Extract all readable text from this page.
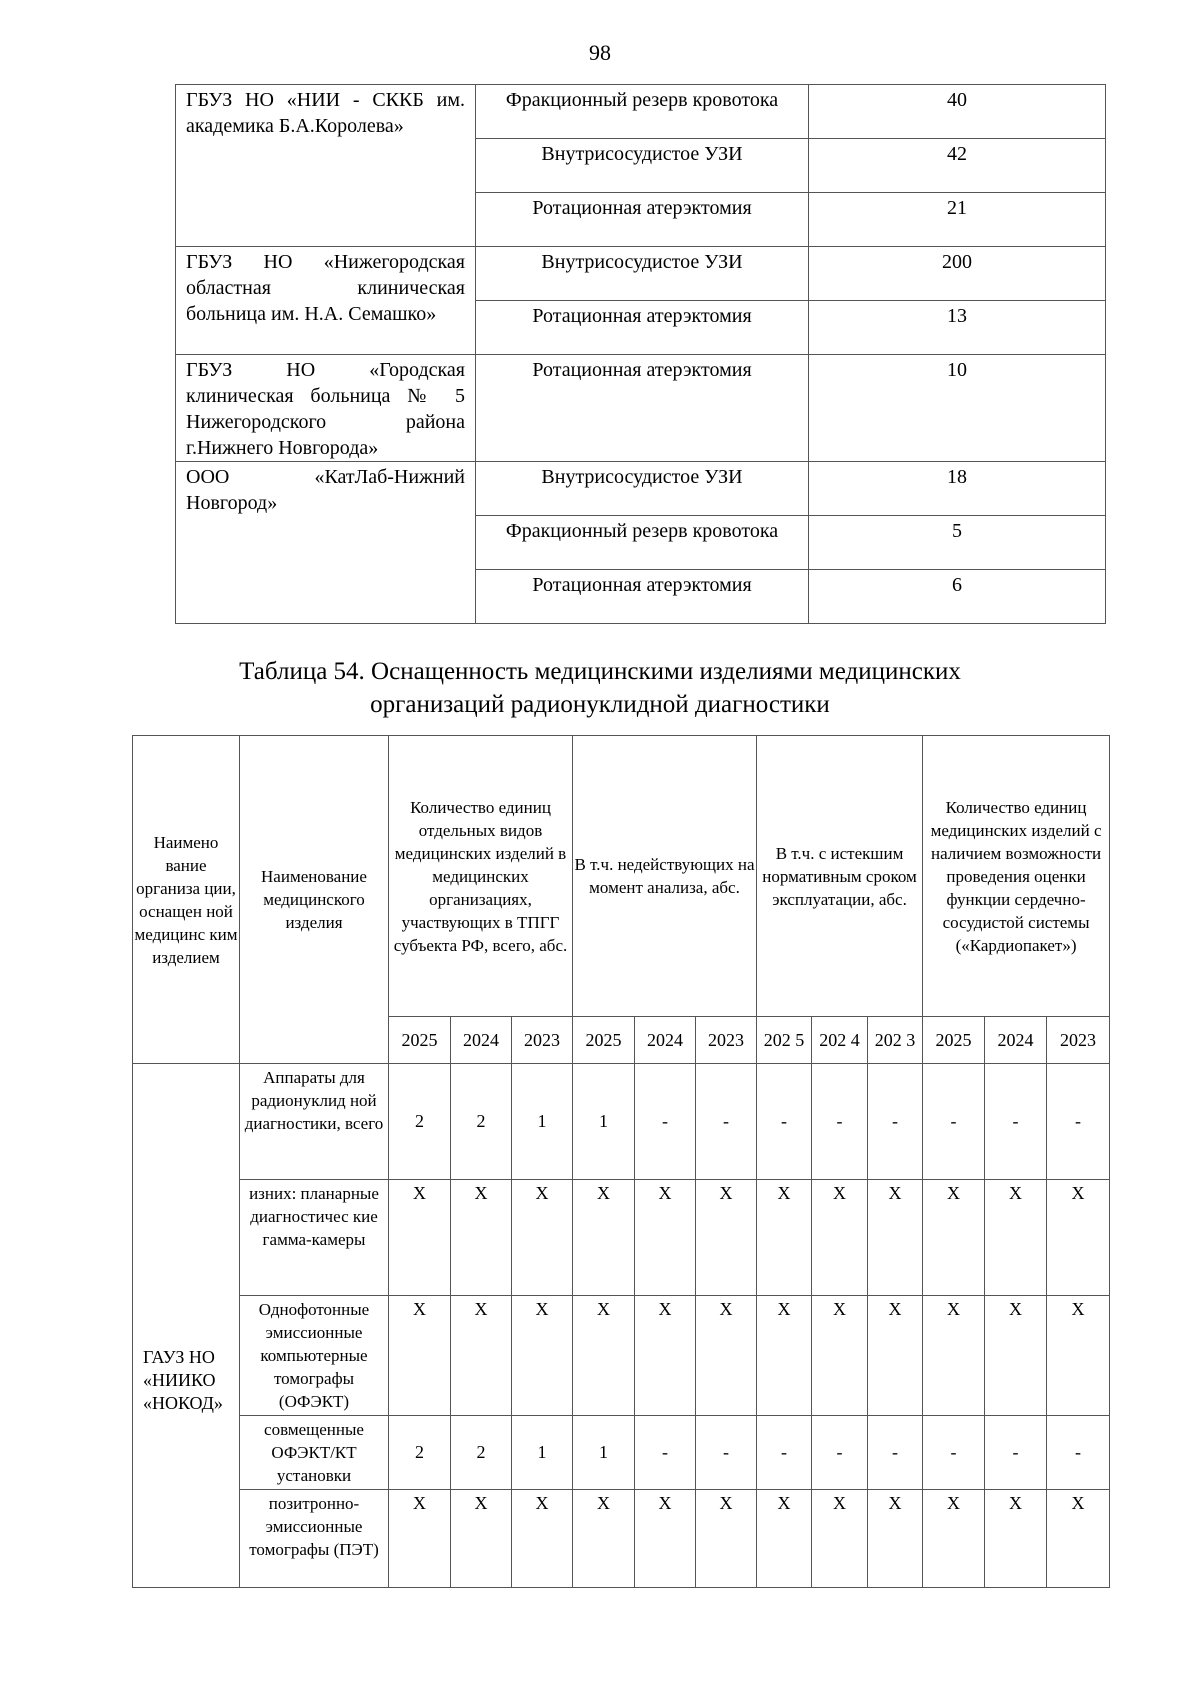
98
ГБУЗ НО «НИИ - СККБ им. академика Б.А.Королева»	Фракционный резерв кровотока	40
	Внутрисосудистое УЗИ	42
	Ротационная атерэктомия	21
ГБУЗ НО «Нижегородская областная клиническая больница им. Н.А. Семашко»	Внутрисосудистое УЗИ	200
	Ротационная атерэктомия	13
ГБУЗ НО «Городская клиническая больница № 5 Нижегородского района г.Нижнего Новгорода»	Ротационная атерэктомия	10
ООО «КатЛаб-Нижний Новгород»	Внутрисосудистое УЗИ	18
	Фракционный резерв кровотока	5
	Ротационная атерэктомия	6
Таблица 54. Оснащенность медицинскими изделиями медицинских
организаций радионуклидной диагностики
Наимено вание организа ции, оснащен ной медицинс ким изделием	Наименование медицинского изделия	Количество единиц отдельных видов медицинских изделий в медицинских организациях, участвующих в ТПГГ субъекта РФ, всего, абс.			В т.ч. недействующих на момент анализа, абс.			В т.ч. с истекшим нормативным сроком эксплуатации, абс.			Количество единиц медицинских изделий с наличием возможности проведения оценки функции сердечно-сосудистой системы («Кардиопакет»)		
		2025	2024	2023	2025	2024	2023	202 5	202 4	202 3	2025	2024	2023
ГАУЗ НО «НИИКО «НОКОД»	Аппараты для радионуклид ной диагностики, всего	2	2	1	1	-	-	-	-	-	-	-	-
	изних: планарные диагностичес кие гамма-камеры	X	X	X	X	X	X	X	X	X	X	X	X
	Однофотонные эмиссионные компьютерные томографы (ОФЭКТ)	X	X	X	X	X	X	X	X	X	X	X	X
	совмещенные ОФЭКТ/КТ установки	2	2	1	1	-	-	-	-	-	-	-	-
	позитронно-эмиссионные томографы (ПЭТ)	X	X	X	X	X	X	X	X	X	X	X	X
